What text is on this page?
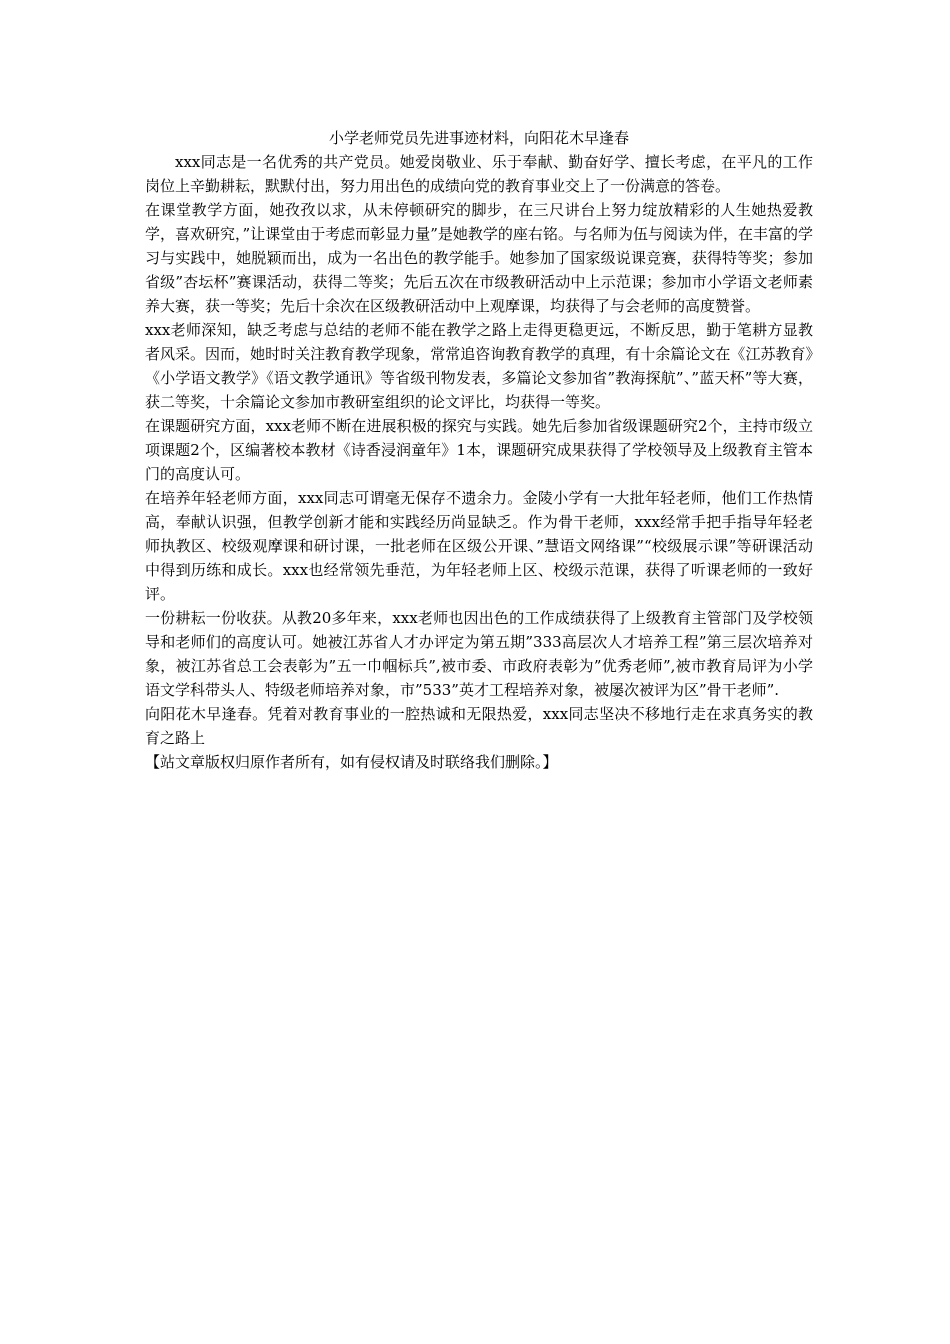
小学老师党员先进事迹材料，向阳花木早逢春

xxx同志是一名优秀的共产党员。她爱岗敬业、乐于奉献、勤奋好学、擅长考虑，在平凡的工作岗位上辛勤耕耘，默默付出，努力用出色的成绩向党的教育事业交上了一份满意的答卷。

在课堂教学方面，她孜孜以求，从未停顿研究的脚步，在三尺讲台上努力绽放精彩的人生她热爱教学，喜欢研究，”让课堂由于考虑而彰显力量”是她教学的座右铭。与名师为伍与阅读为伴，在丰富的学习与实践中，她脱颖而出，成为一名出色的教学能手。她参加了国家级说课竞赛，获得特等奖；参加省级”杏坛杯”赛课活动，获得二等奖；先后五次在市级教研活动中上示范课；参加市小学语文老师素养大赛，获一等奖；先后十余次在区级教研活动中上观摩课，均获得了与会老师的高度赞誉。

xxx老师深知，缺乏考虑与总结的老师不能在教学之路上走得更稳更远，不断反思，勤于笔耕方显教者风采。因而，她时时关注教育教学现象，常常追咨询教育教学的真理，有十余篇论文在《江苏教育》《小学语文教学》《语文教学通讯》等省级刊物发表，多篇论文参加省”教海探航”、”蓝天杯”等大赛，获二等奖，十余篇论文参加市教研室组织的论文评比，均获得一等奖。

在课题研究方面，xxx老师不断在进展积极的探究与实践。她先后参加省级课题研究2个，主持市级立项课题2个，区编著校本教材《诗香浸润童年》1本，课题研究成果获得了学校领导及上级教育主管本门的高度认可。

在培养年轻老师方面，xxx同志可谓毫无保存不遗余力。金陵小学有一大批年轻老师，他们工作热情高，奉献认识强，但教学创新才能和实践经历尚显缺乏。作为骨干老师，xxx经常手把手指导年轻老师执教区、校级观摩课和研讨课，一批老师在区级公开课、”慧语文网络课”“校级展示课”等研课活动中得到历练和成长。xxx也经常领先垂范，为年轻老师上区、校级示范课，获得了听课老师的一致好评。

一份耕耘一份收获。从教20多年来，xxx老师也因出色的工作成绩获得了上级教育主管部门及学校领导和老师们的高度认可。她被江苏省人才办评定为第五期”333高层次人才培养工程”第三层次培养对象，被江苏省总工会表彰为”五一巾帼标兵”,被市委、市政府表彰为”优秀老师”,被市教育局评为小学语文学科带头人、特级老师培养对象，市”533”英才工程培养对象，被屡次被评为区”骨干老师”.

向阳花木早逢春。凭着对教育事业的一腔热诚和无限热爱，xxx同志坚决不移地行走在求真务实的教育之路上

【站文章版权归原作者所有，如有侵权请及时联络我们删除。】
